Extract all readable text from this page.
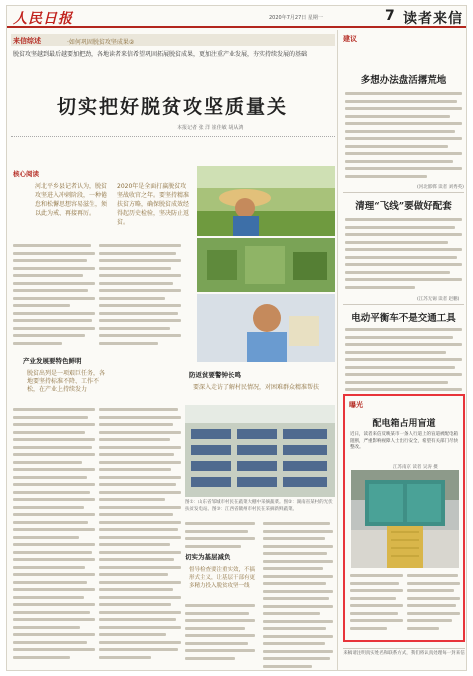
人民日报	2020年7月27日 星期一	7 读者来信
来信综述	·如何巩固脱贫攻坚成果②
脱贫攻坚越到最后越要加把劲，各地读者来信希望巩固拓展脱贫成果，更加注重产业发展，夯实持续发展的基础
切实把好脱贫攻坚质量关
本报记者 张 洋 崔佳敏 胡从鸿
核心阅读
河北平乡县记者认为，脱贫攻坚进入冲刺阶段，一种倦怠和松懈思想容易滋生，须以此为戒、再接再厉。
2020年是全面打赢脱贫攻坚战收官之年。要坚持精准扶贫方略，确保脱贫成效经得起历史检验，坚决防止返贫。
产业发展要特色鲜明
脱贫出列是一项艰巨任务，各地要坚持标准不降、工作不松，在产业上持续发力
防返贫要警钟长鸣
要深入走访了解村民情况，对困难群众精准帮扶
图①：山东省邹城市村民在蔬菜大棚中采摘蔬菜。图②：湖南省某村的光伏扶贫发电站。图③：江西省赣州市村民在采摘新鲜蔬菜。
切实为基层减负
督导检查要注重实效，不搞形式主义，让基层干部有更多精力投入脱贫攻坚一线
建议
多想办法盘活撂荒地
(河北邯郸 读者 刘秀英)
清理“飞线”要做好配套
(江苏无锡 读者 赵鹏)
电动平衡车不是交通工具
曝光
配电箱占用盲道
近日，读者来信反映某市一条人行道上的盲道被配电箱阻断，严重影响视障人士出行安全，希望有关部门尽快整改。
江苏南京 读者 吴涛 摄
来稿请注明真实姓名和联系方式，我们将认真处理每一封来信
